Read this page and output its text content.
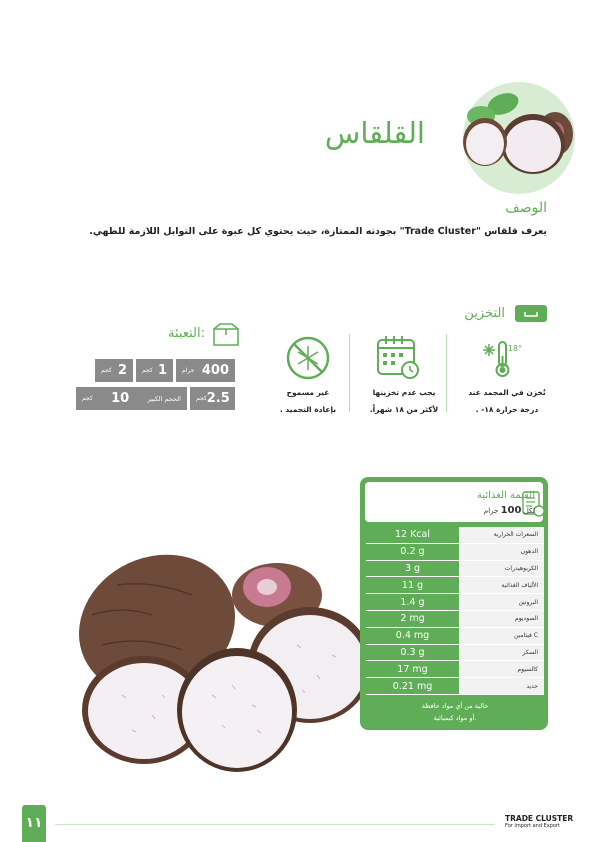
القلقاس
الوصف
يعرف قلقاس "Trade Cluster" بجودته الممتازة، حيث يحتوي كل عبوة على التوابل اللازمة للطهي.
التخزين
-18°
تُخزن في المجمد عند
درجة حرارة ١٨- .
يجب عدم تخزينها
لأكثر من ١٨ شهراً.
غير مسموح
بإعادة التجميد .
التعبئة:
جرام 400
كجم 1
كجم 2
كجم 2.5
كجم 10	الحجم الكبير
القيمة الغذائية
لكل 100 جرام
12 Kcal	السعرات الحرارية
0.2 g	الدهون
3 g	الكربوهيدرات
11 g	الألياف الغذائية
1.4 g	البروتين
2 mg	الصوديوم
0.4 mg	فيتامين C
0.3 g	السكر
17 mg	كالسيوم
0.21 mg	حديد
خالية من أي مواد حافظة
أو مواد كيميائية.
١١	TRADE CLUSTER
For Import and Export
